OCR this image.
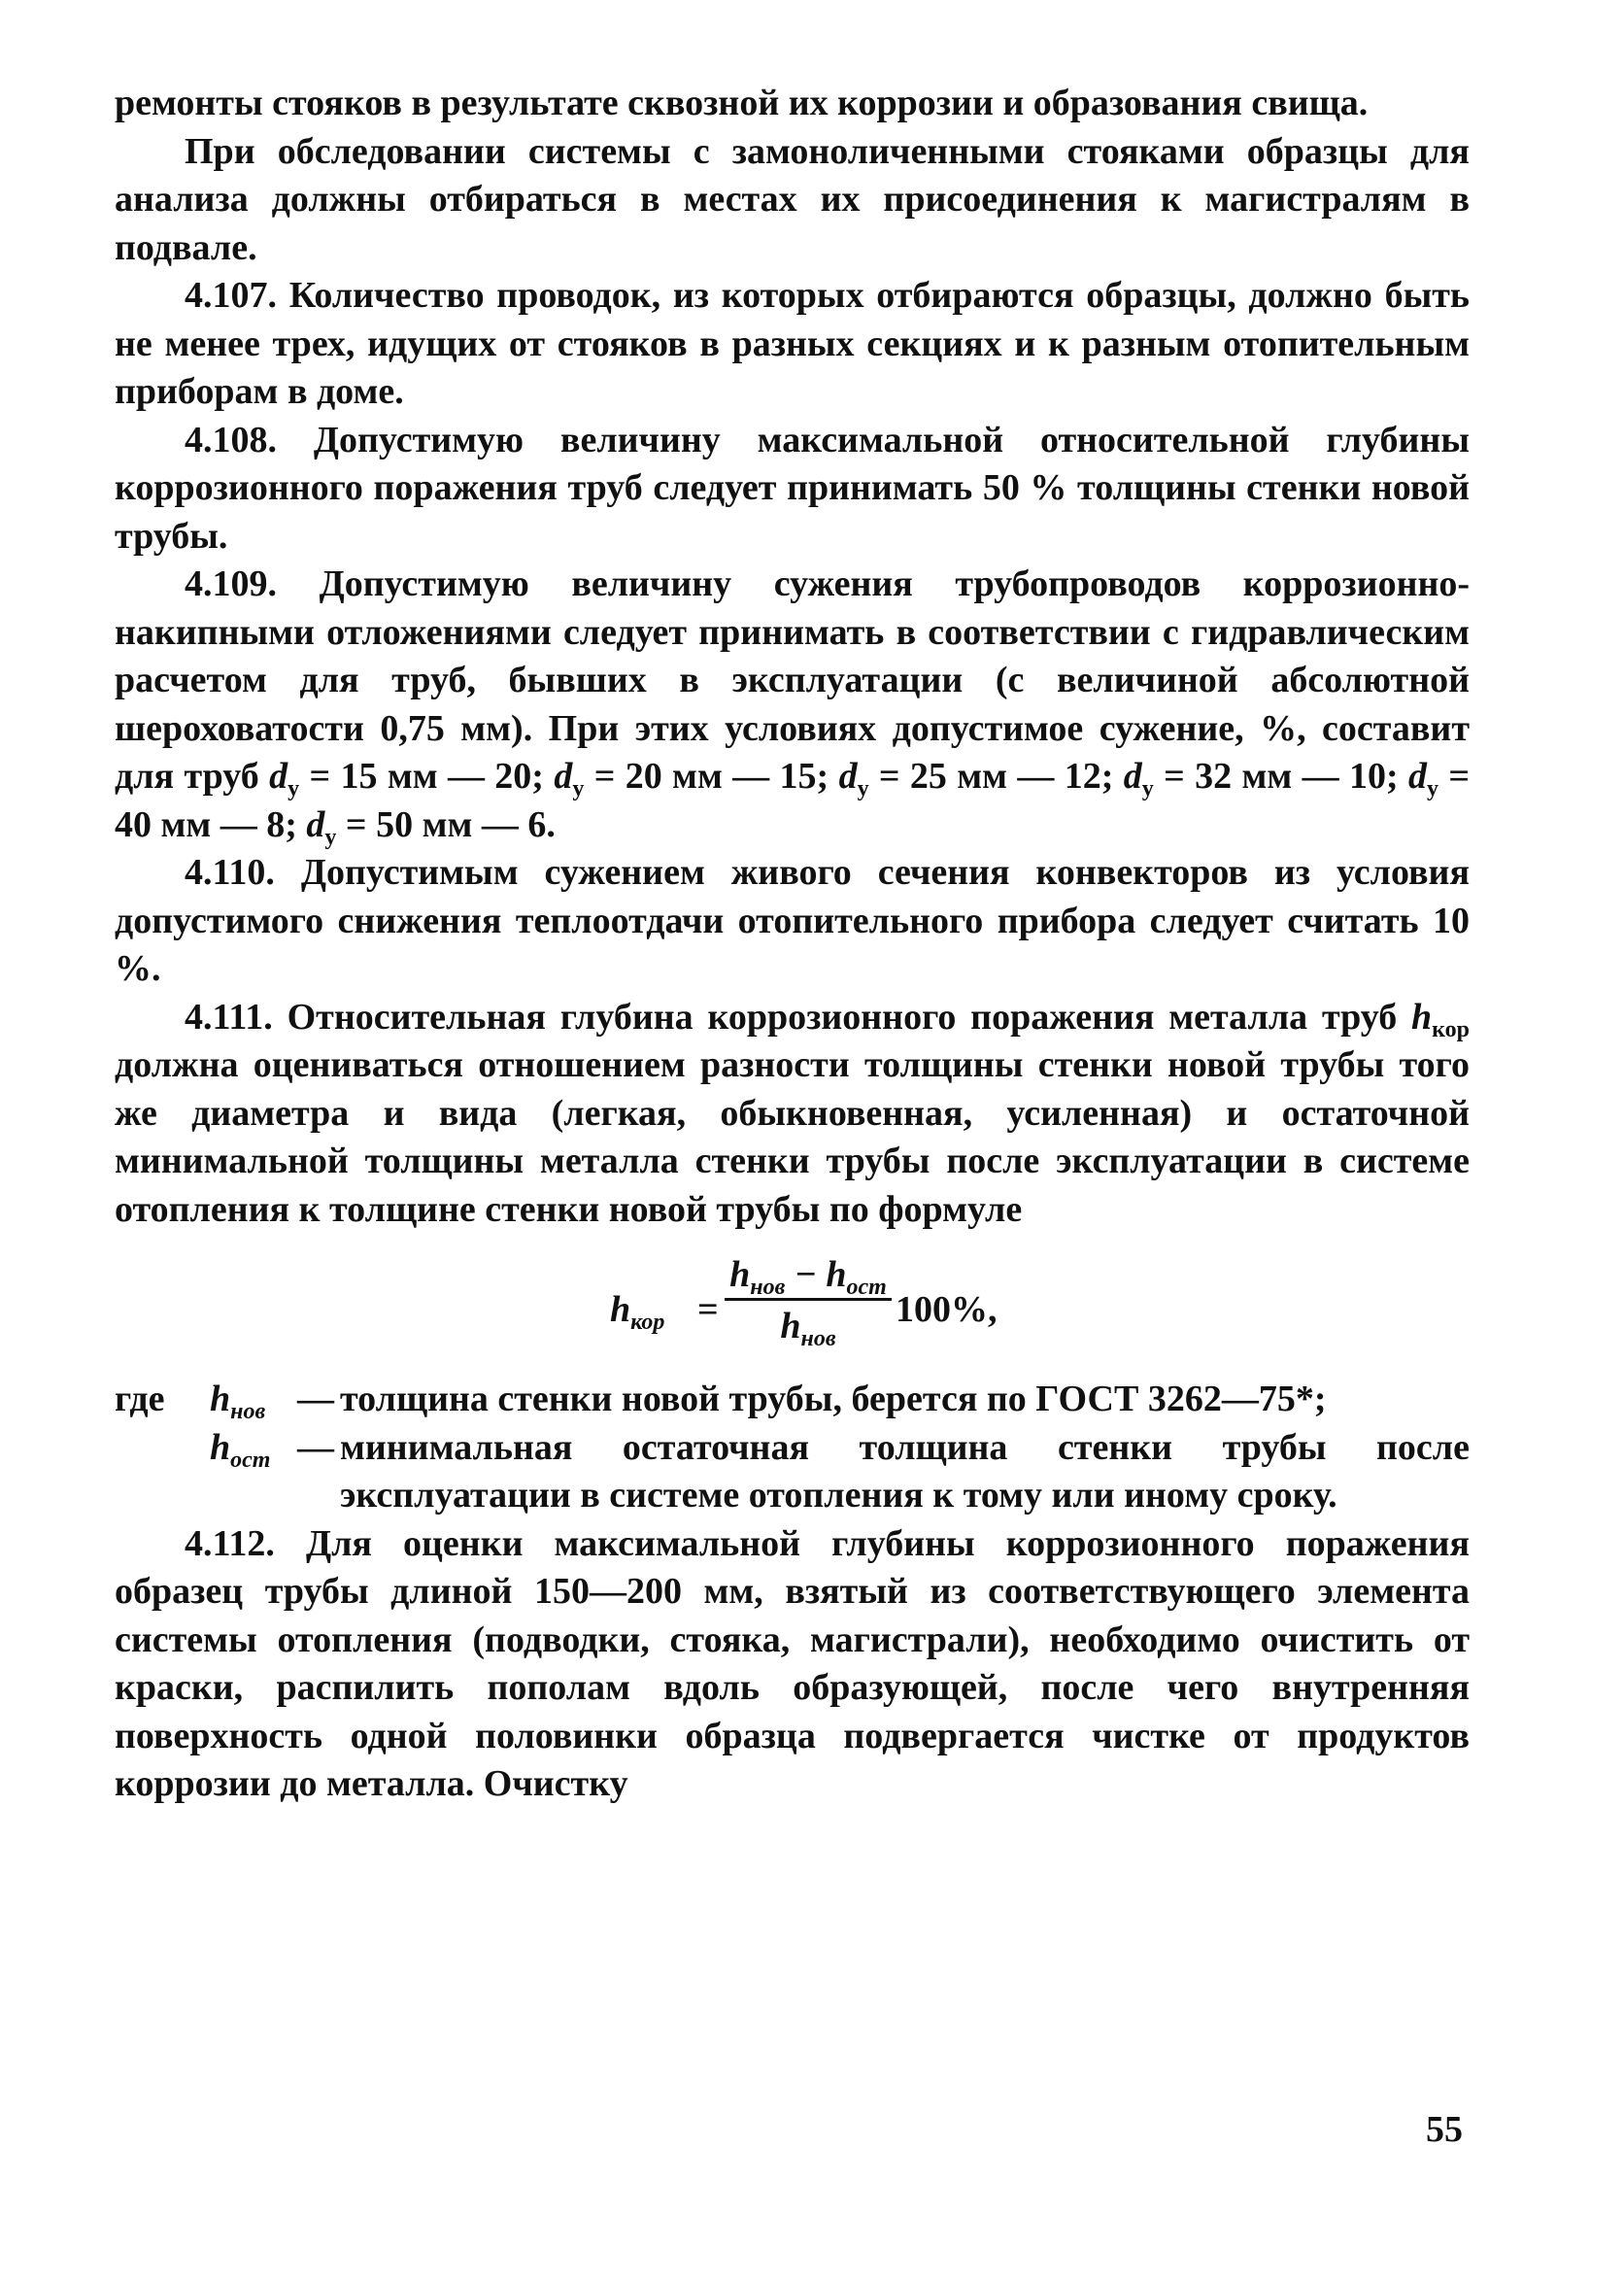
ремонты стояков в результате сквозной их коррозии и образования свища.

При обследовании системы с замоноличенными стояками образцы для анализа должны отбираться в местах их присоединения к магистралям в подвале.

4.107. Количество проводок, из которых отбираются образцы, должно быть не менее трех, идущих от стояков в разных секциях и к разным отопительным приборам в доме.

4.108. Допустимую величину максимальной относительной глубины коррозионного поражения труб следует принимать 50 % толщины стенки новой трубы.

4.109. Допустимую величину сужения трубопроводов коррозионно-накипными отложениями следует принимать в соответствии с гидравлическим расчетом для труб, бывших в эксплуатации (с величиной абсолютной шероховатости 0,75 мм). При этих условиях допустимое сужение, %, составит для труб $d_у = 15$ мм — 20; $d_у = 20$ мм — 15; $d_у = 25$ мм — 12; $d_у = 32$ мм — 10; $d_у = 40$ мм — 8; $d_у = 50$ мм — 6.

4.110. Допустимым сужением живого сечения конвекторов из условия допустимого снижения теплоотдачи отопительного прибора следует считать 10 %.

4.111. Относительная глубина коррозионного поражения металла труб $h_{кор}$ должна оцениваться отношением разности толщины стенки новой трубы того же диаметра и вида (легкая, обыкновенная, усиленная) и остаточной минимальной толщины металла стенки трубы после эксплуатации в системе отопления к толщине стенки новой трубы по формуле

$h_{кор}$ =
$h_{нов} - h_{ост}$
$h_{нов}$
100%,
где	$h_{нов}$ — толщина стенки новой трубы, берется по ГОСТ 3262—75*;
$h_{ост}$ — минимальная остаточная толщина стенки трубы после эксплуатации в системе отопления к тому или иному сроку.

4.112. Для оценки максимальной глубины коррозионного поражения образец трубы длиной 150—200 мм, взятый из соответствующего элемента системы отопления (подводки, стояка, магистрали), необходимо очистить от краски, распилить пополам вдоль образующей, после чего внутренняя поверхность одной половинки образца подвергается чистке от продуктов коррозии до металла. Очистку

55
